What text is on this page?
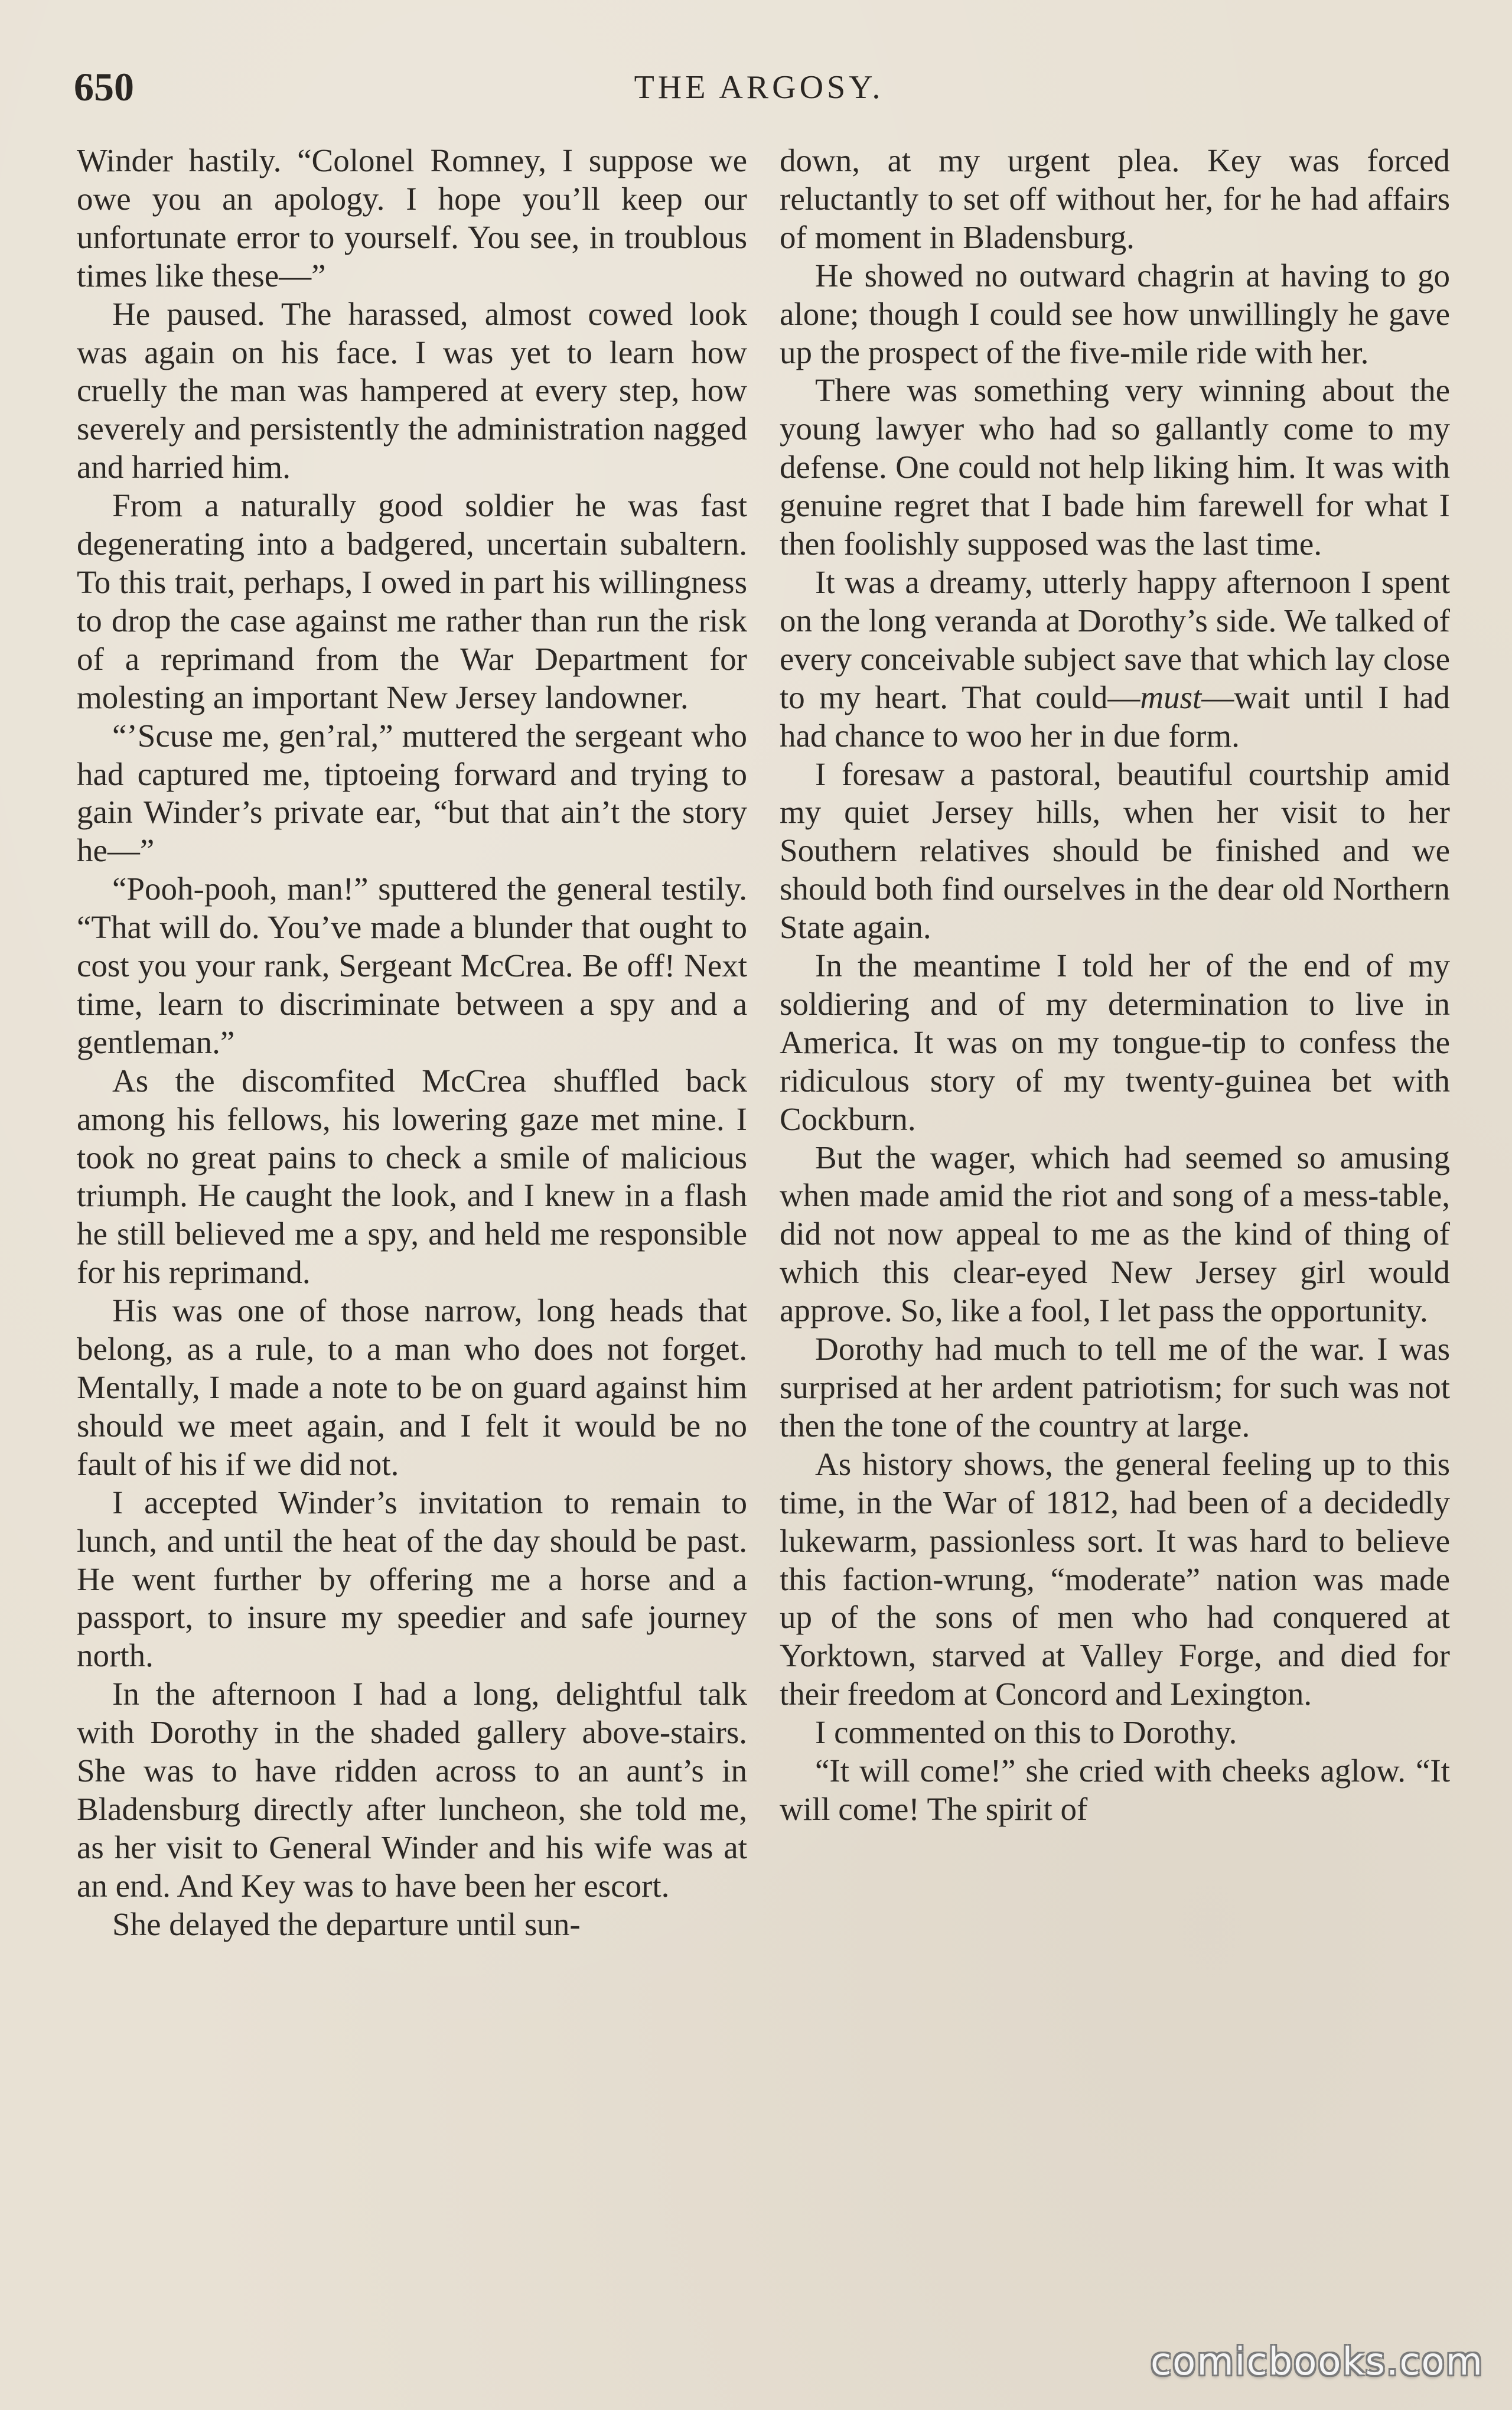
650	THE ARGOSY.

Winder hastily. “Colonel Romney, I suppose we owe you an apology. I hope you’ll keep our unfortunate error to yourself. You see, in troublous times like these—”

He paused. The harassed, almost cowed look was again on his face. I was yet to learn how cruelly the man was hampered at every step, how severely and persistently the administration nagged and harried him.

From a naturally good soldier he was fast degenerating into a badgered, uncertain subaltern. To this trait, perhaps, I owed in part his willingness to drop the case against me rather than run the risk of a reprimand from the War Department for molesting an important New Jersey landowner.

“’Scuse me, gen’ral,” muttered the sergeant who had captured me, tiptoeing forward and trying to gain Winder’s private ear, “but that ain’t the story he—”

“Pooh-pooh, man!” sputtered the general testily. “That will do. You’ve made a blunder that ought to cost you your rank, Sergeant McCrea. Be off! Next time, learn to discriminate between a spy and a gentleman.”

As the discomfited McCrea shuffled back among his fellows, his lowering gaze met mine. I took no great pains to check a smile of malicious triumph. He caught the look, and I knew in a flash he still believed me a spy, and held me responsible for his reprimand.

His was one of those narrow, long heads that belong, as a rule, to a man who does not forget. Mentally, I made a note to be on guard against him should we meet again, and I felt it would be no fault of his if we did not.

I accepted Winder’s invitation to remain to lunch, and until the heat of the day should be past. He went further by offering me a horse and a passport, to insure my speedier and safe journey north.

In the afternoon I had a long, delightful talk with Dorothy in the shaded gallery above-stairs. She was to have ridden across to an aunt’s in Bladensburg directly after luncheon, she told me, as her visit to General Winder and his wife was at an end. And Key was to have been her escort.

She delayed the departure until sun-

down, at my urgent plea. Key was forced reluctantly to set off without her, for he had affairs of moment in Bladensburg.

He showed no outward chagrin at having to go alone; though I could see how unwillingly he gave up the prospect of the five-mile ride with her.

There was something very winning about the young lawyer who had so gallantly come to my defense. One could not help liking him. It was with genuine regret that I bade him farewell for what I then foolishly supposed was the last time.

It was a dreamy, utterly happy afternoon I spent on the long veranda at Dorothy’s side. We talked of every conceivable subject save that which lay close to my heart. That could—must—wait until I had had chance to woo her in due form.

I foresaw a pastoral, beautiful courtship amid my quiet Jersey hills, when her visit to her Southern relatives should be finished and we should both find ourselves in the dear old Northern State again.

In the meantime I told her of the end of my soldiering and of my determination to live in America. It was on my tongue-tip to confess the ridiculous story of my twenty-guinea bet with Cockburn.

But the wager, which had seemed so amusing when made amid the riot and song of a mess-table, did not now appeal to me as the kind of thing of which this clear-eyed New Jersey girl would approve. So, like a fool, I let pass the opportunity.

Dorothy had much to tell me of the war. I was surprised at her ardent patriotism; for such was not then the tone of the country at large.

As history shows, the general feeling up to this time, in the War of 1812, had been of a decidedly lukewarm, passionless sort. It was hard to believe this faction-wrung, “moderate” nation was made up of the sons of men who had conquered at Yorktown, starved at Valley Forge, and died for their freedom at Concord and Lexington.

I commented on this to Dorothy.

“It will come!” she cried with cheeks aglow. “It will come! The spirit of

comicbooks.com
